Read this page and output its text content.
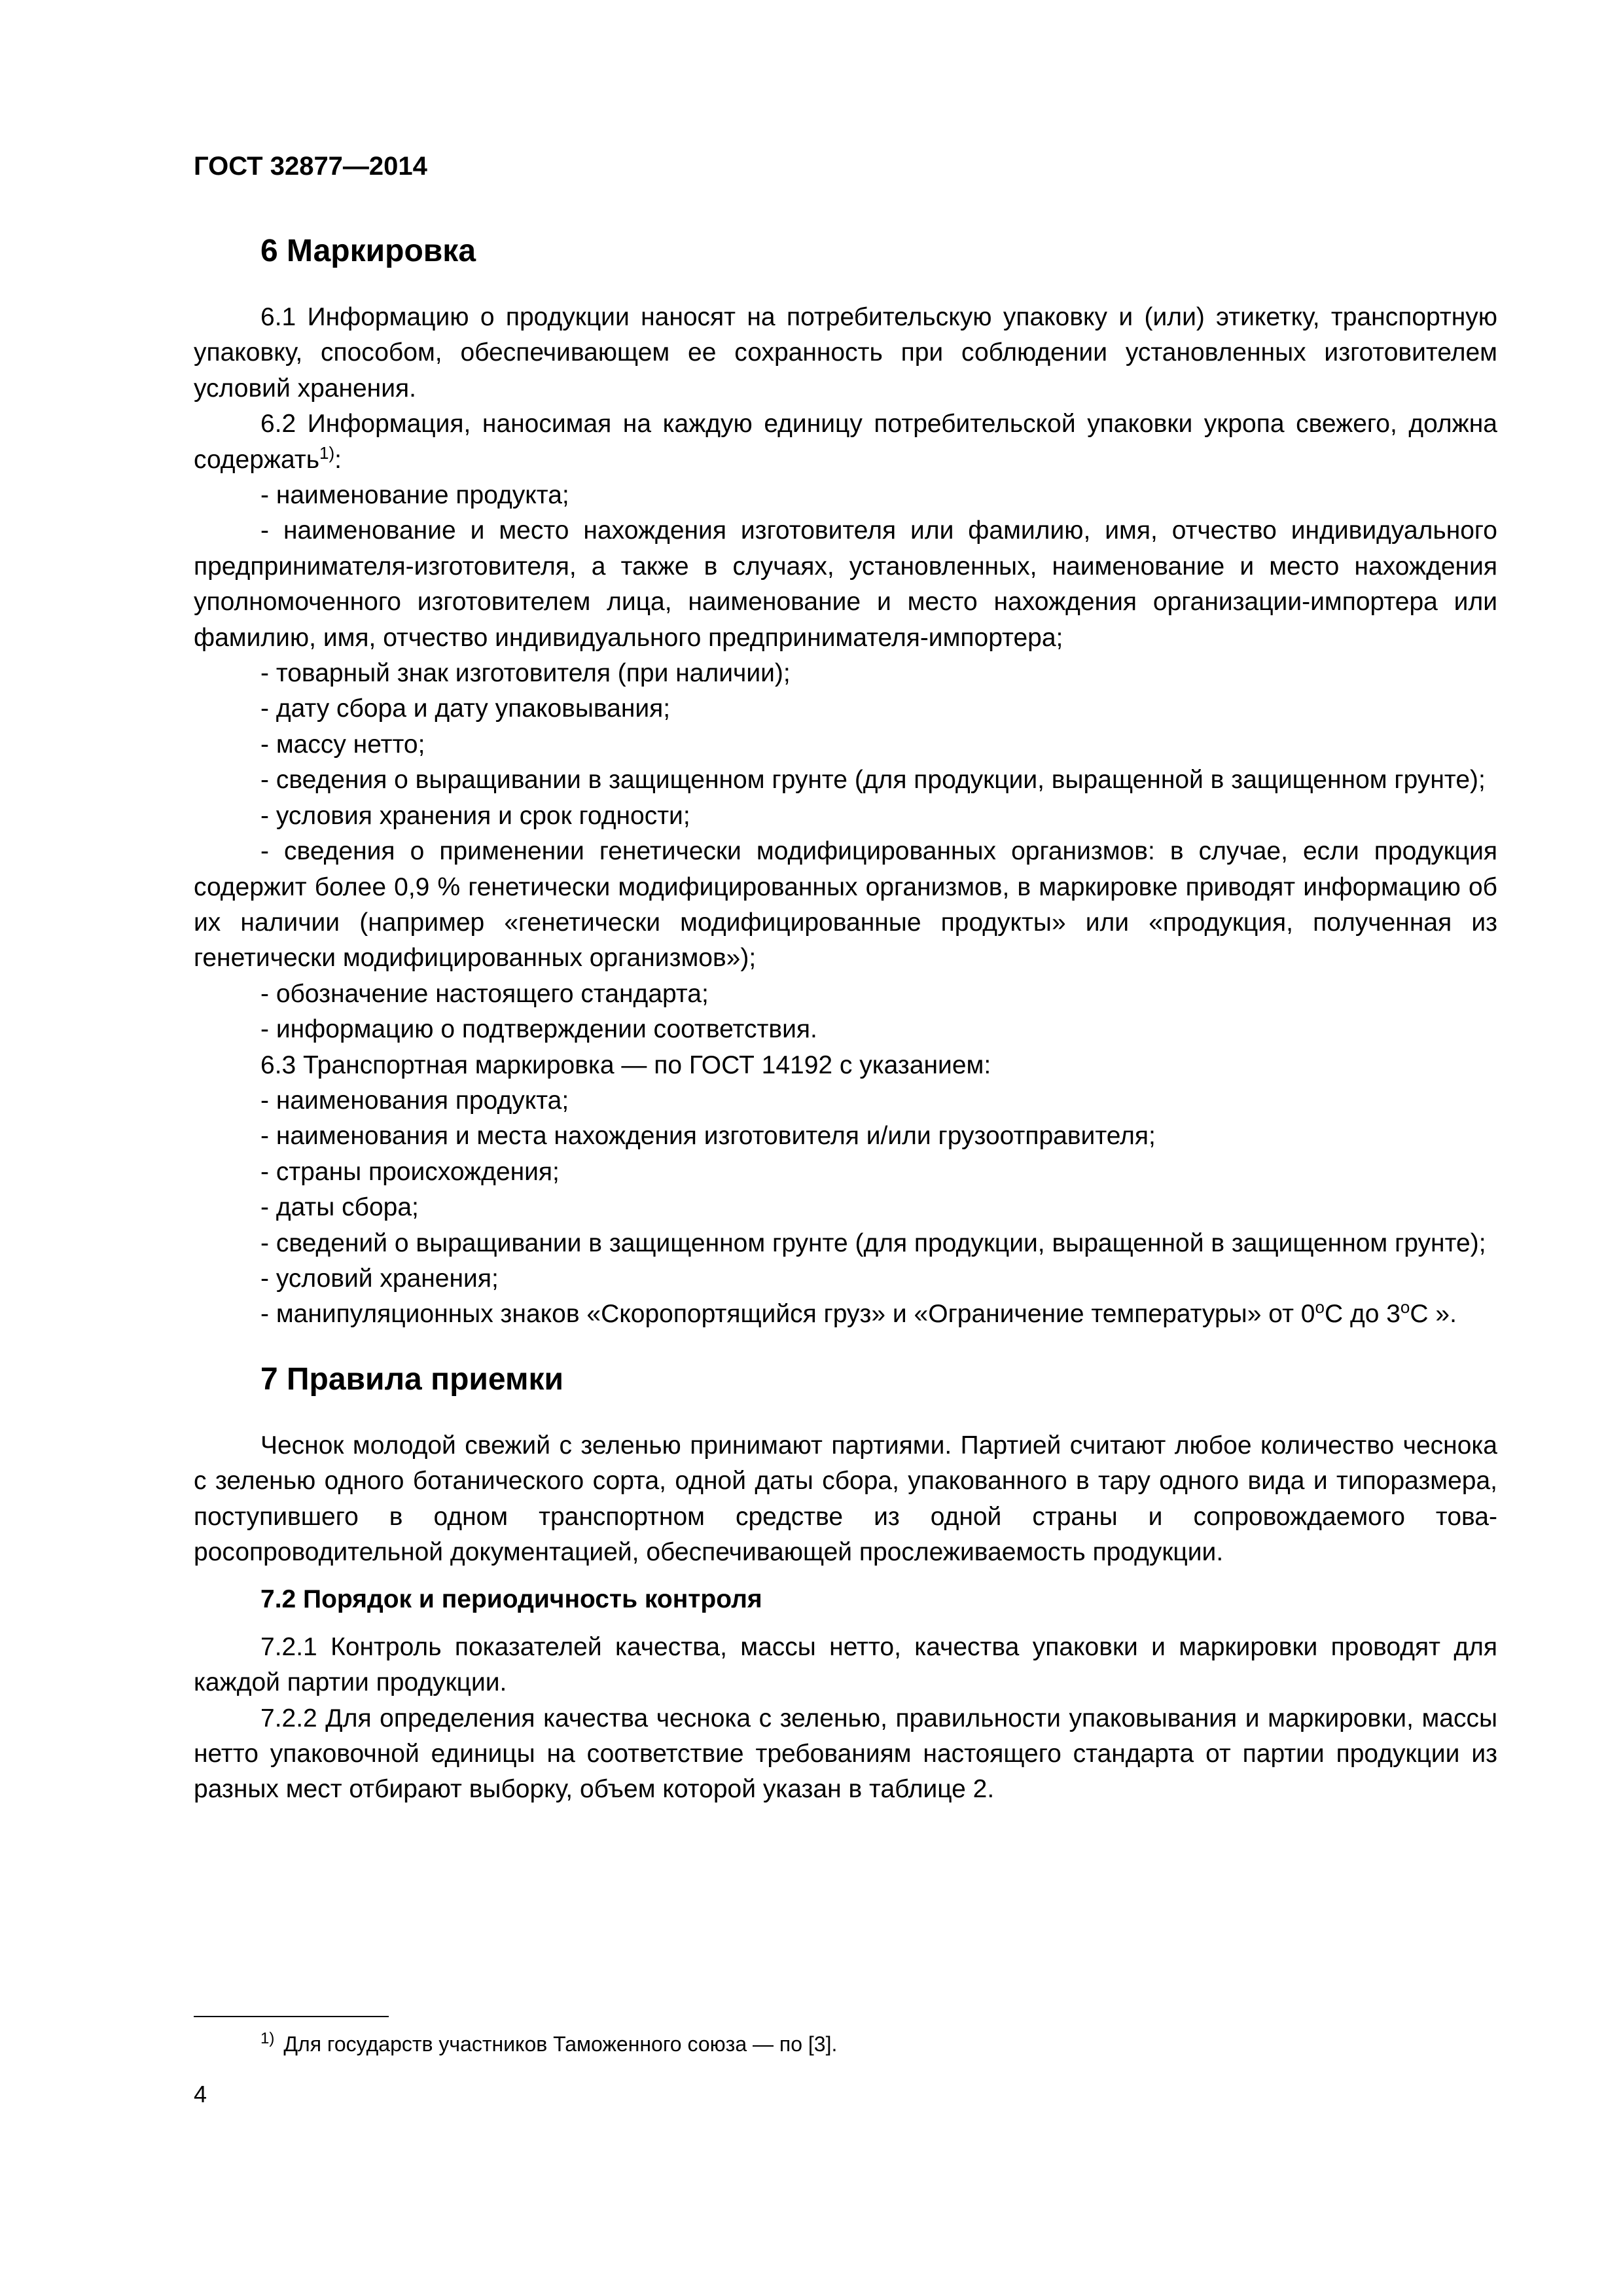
ГОСТ 32877—2014
6 Маркировка

6.1 Информацию о продукции наносят на потребительскую упаковку и (или) этикетку, транспортную упаковку, способом, обеспечивающем ее сохранность при соблюдении установленных изготовителем условий хранения.

6.2 Информация, наносимая на каждую единицу потребительской упаковки укропа свежего, должна содержать$^{1)}$:

- наименование продукта;
- наименование и место нахождения изготовителя или фамилию, имя, отчество индивидуального предпринимателя-изготовителя, а также в случаях, установленных, наименование и место нахождения уполномоченного изготовителем лица, наименование и место нахождения организации-импортера или фамилию, имя, отчество индивидуального предпринимателя-импортера;
- товарный знак изготовителя (при наличии);
- дату сбора и дату упаковывания;
- массу нетто;
- сведения о выращивании в защищенном грунте (для продукции, выращенной в защищенном грунте);
- условия хранения и срок годности;
- сведения о применении генетически модифицированных организмов: в случае, если продукция содержит более 0,9 % генетически модифицированных организмов, в маркировке приводят информацию об их наличии (например «генетически модифицированные продукты» или «продукция, полученная из генетически модифицированных организмов»);
- обозначение настоящего стандарта;
- информацию о подтверждении соответствия.

6.3 Транспортная маркировка — по ГОСТ 14192 с указанием:

- наименования продукта;
- наименования и места нахождения изготовителя и/или грузоотправителя;
- страны происхождения;
- даты сбора;
- сведений о выращивании в защищенном грунте (для продукции, выращенной в защищенном грунте);
- условий хранения;
- манипуляционных знаков «Скоропортящийся груз» и «Ограничение температуры» от $0^оС$ до $3^оС$ ».
7 Правила приемки

Чеснок молодой свежий с зеленью принимают партиями. Партией считают любое количество чеснока с зеленью одного ботанического сорта, одной даты сбора, упакованного в тару одного вида и типоразмера, поступившего в одном транспортном средстве из одной страны и сопровождаемого товаросопроводительной документацией, обеспечивающей прослеживаемость продукции.

7.2 Порядок и периодичность контроля

7.2.1 Контроль показателей качества, массы нетто, качества упаковки и маркировки проводят для каждой партии продукции.

7.2.2 Для определения качества чеснока с зеленью, правильности упаковывания и маркировки, массы нетто упаковочной единицы на соответствие требованиям настоящего стандарта от партии продукции из разных мест отбирают выборку, объем которой указан в таблице 2.

$^{1)}$ Для государств участников Таможенного союза — по [3].
4
